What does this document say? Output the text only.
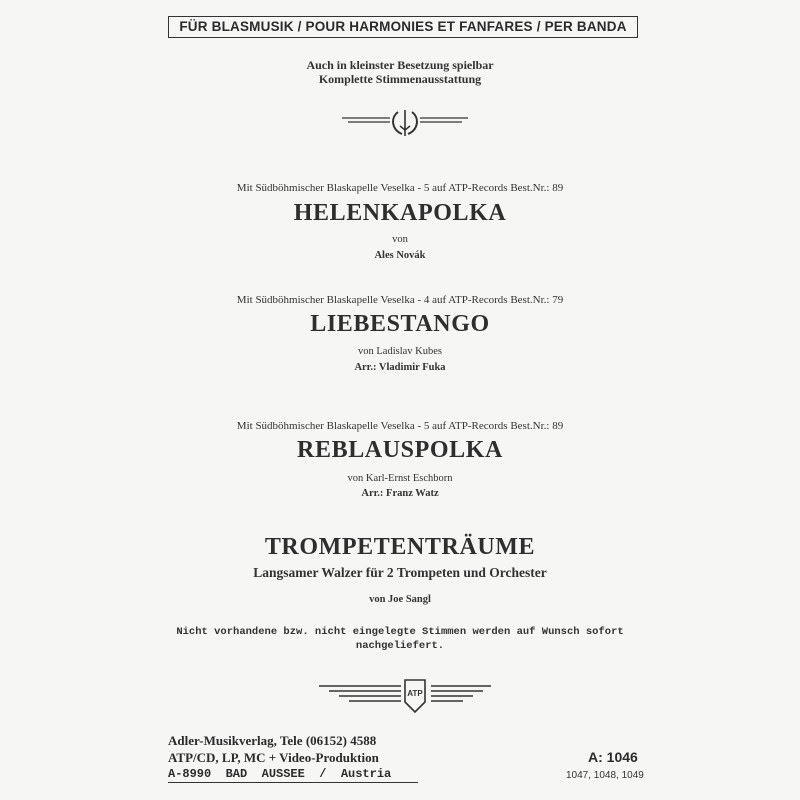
FÜR BLASMUSIK / POUR HARMONIES ET FANFARES / PER BANDA
Auch in kleinster Besetzung spielbar
Komplette Stimmenausstattung
Mit Südböhmischer Blaskapelle Veselka - 5 auf ATP-Records Best.Nr.: 89
HELENKAPOLKA
von
Ales Novák
Mit Südböhmischer Blaskapelle Veselka - 4 auf ATP-Records Best.Nr.: 79
LIEBESTANGO
von Ladislav Kubes
Arr.: Vladimir Fuka
Mit Südböhmischer Blaskapelle Veselka - 5 auf ATP-Records Best.Nr.: 89
REBLAUSPOLKA
von Karl-Ernst Eschborn
Arr.: Franz Watz
TROMPETENTRÄUME
Langsamer Walzer für 2 Trompeten und Orchester
von Joe Sangl
Nicht vorhandene bzw. nicht eingelegte Stimmen werden auf Wunsch sofort
nachgeliefert.
ATP
Adler-Musikverlag, Tele (06152) 4588
ATP/CD, LP, MC + Video-Produktion
A-8990  BAD  AUSSEE  /  Austria
A: 1046
1047, 1048, 1049
